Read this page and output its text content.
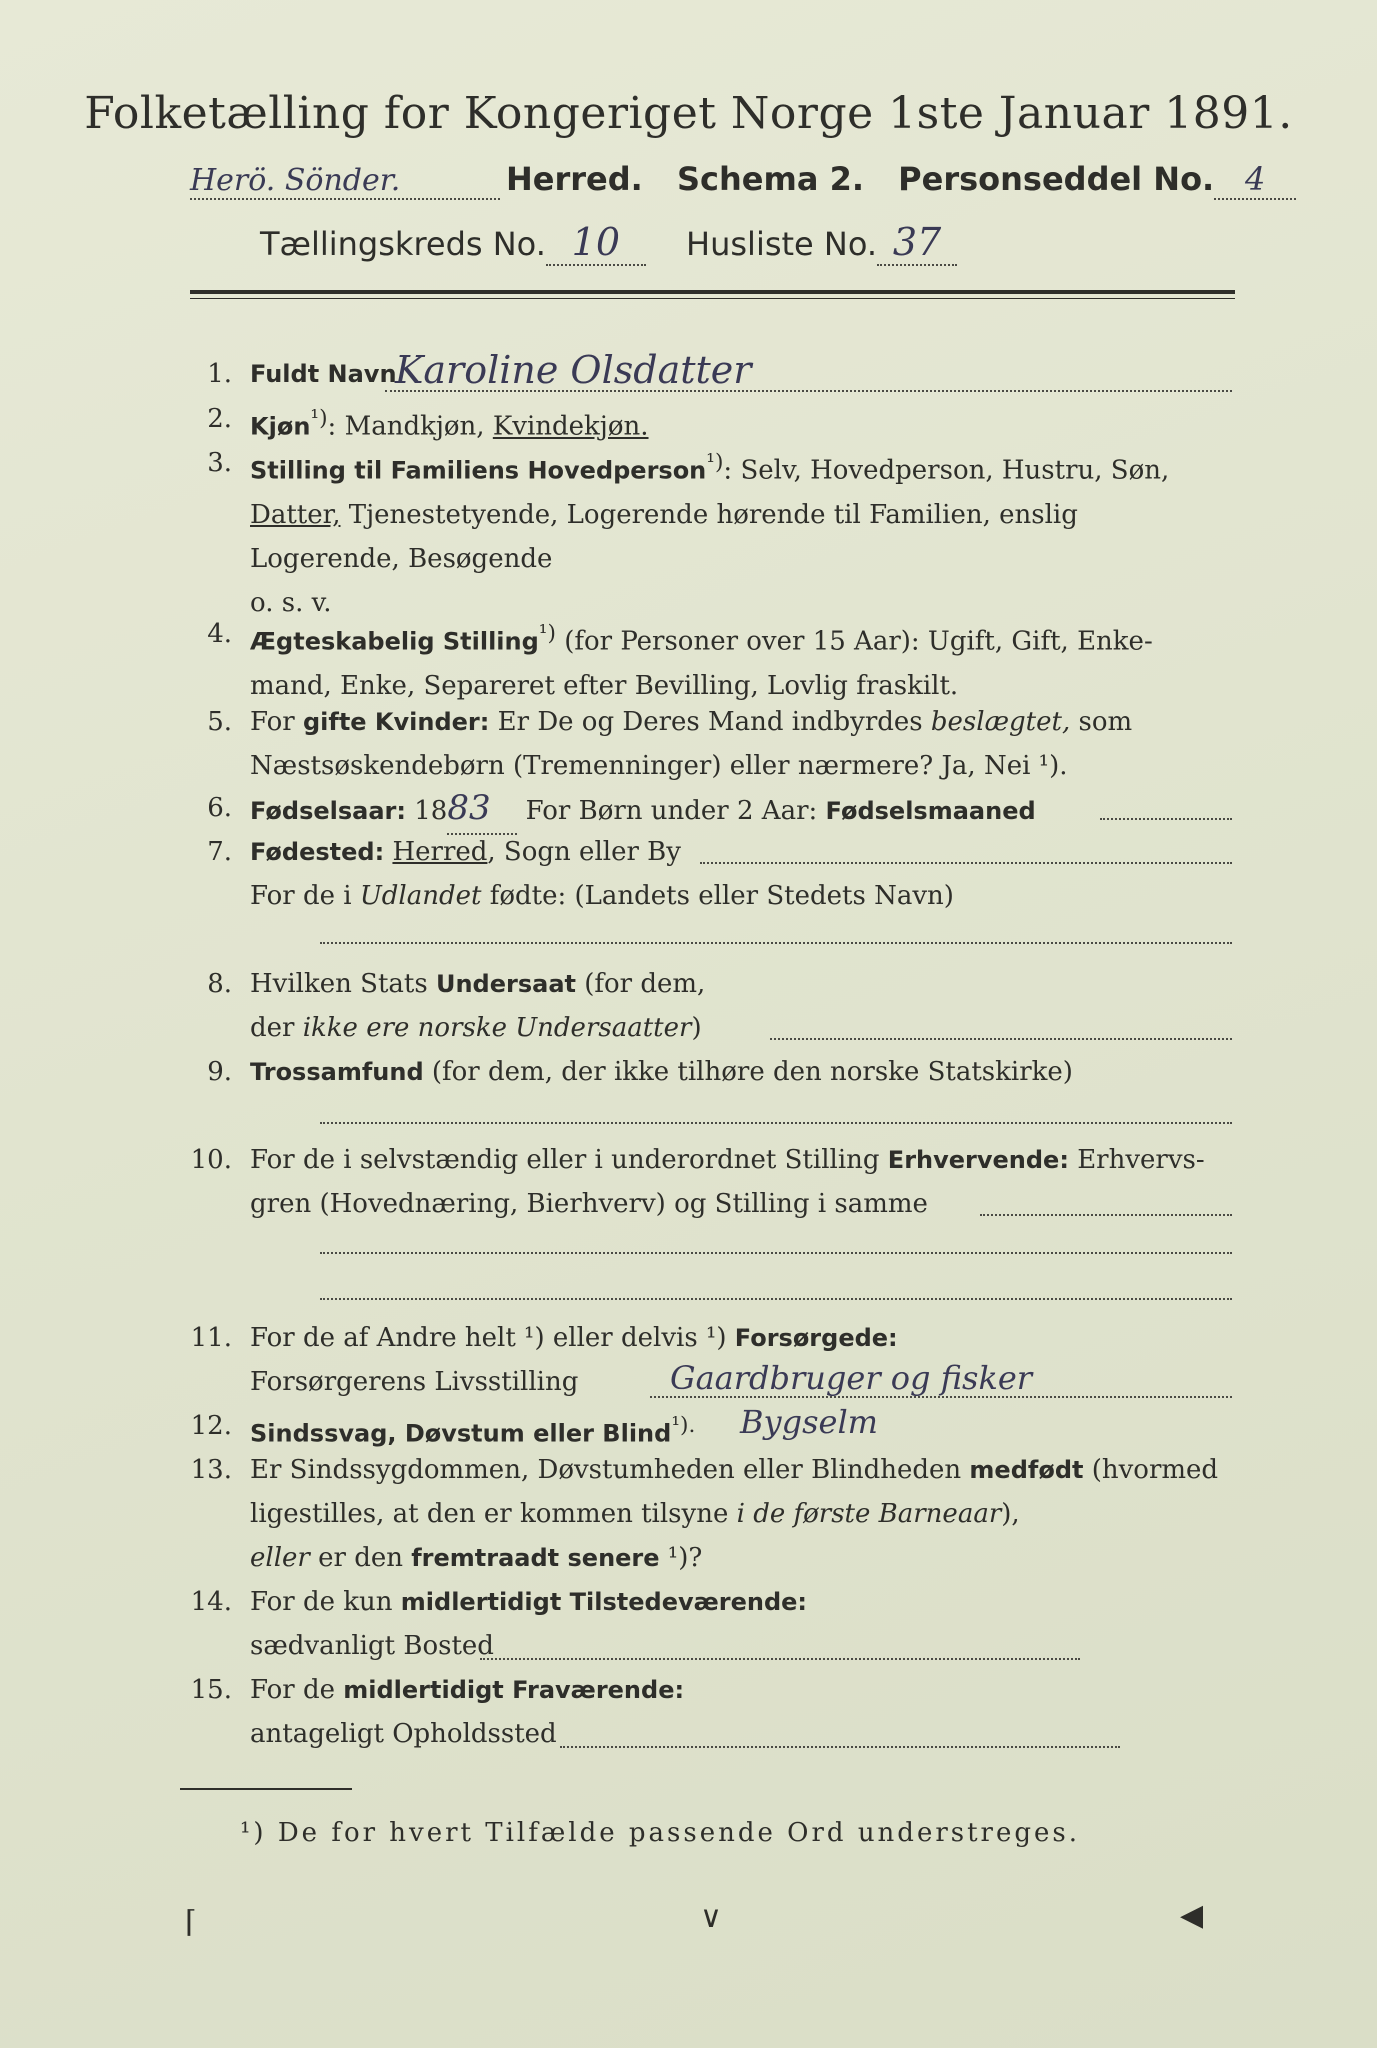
Folketælling for Kongeriget Norge 1ste Januar 1891.
Herö. Sönder.	Herred. Schema 2. Personseddel No. 4
Tællingskreds No. 10 Husliste No. 37
1. Fuldt Navn
Karoline Olsdatter
2. Kjøn$^{^1)}$: Mandkjøn, Kvindekjøn.
3. Stilling til Familiens Hovedperson$^{^1)}$: Selv, Hovedperson, Hustru, Søn,
Datter, Tjenestetyende, Logerende hørende til Familien, enslig
Logerende, Besøgende
o. s. v.
4. Ægteskabelig Stilling$^{^1)}$ (for Personer over 15 Aar): Ugift, Gift, Enke-
mand, Enke, Separeret efter Bevilling, Lovlig fraskilt.
5. For gifte Kvinder: Er De og Deres Mand indbyrdes beslægtet, som
Næstsøskendebørn (Tremenninger) eller nærmere? Ja, Nei ¹).
6. Fødselsaar: 1883 For Børn under 2 Aar: Fødselsmaaned
7. Fødested: Herred, Sogn eller By
For de i Udlandet fødte: (Landets eller Stedets Navn)
8. Hvilken Stats Undersaat (for dem,
der ikke ere norske Undersaatter)
9. Trossamfund (for dem, der ikke tilhøre den norske Statskirke)
10. For de i selvstændig eller i underordnet Stilling Erhvervende: Erhvervs-
gren (Hovednæring, Bierhverv) og Stilling i samme
11. For de af Andre helt ¹) eller delvis ¹) Forsørgede:
Forsørgerens Livsstilling	Gaardbruger og fisker
12. Sindssvag, Døvstum eller Blind$^{^1).}$	Bygselm
13. Er Sindssygdommen, Døvstumheden eller Blindheden medfødt (hvormed
ligestilles, at den er kommen tilsyne i de første Barneaar),
eller er den fremtraadt senere ¹)?
14. For de kun midlertidigt Tilstedeværende:
sædvanligt Bosted
15. For de midlertidigt Fraværende:
antageligt Opholdssted
¹) De for hvert Tilfælde passende Ord understreges.
⌈	∨	◀
